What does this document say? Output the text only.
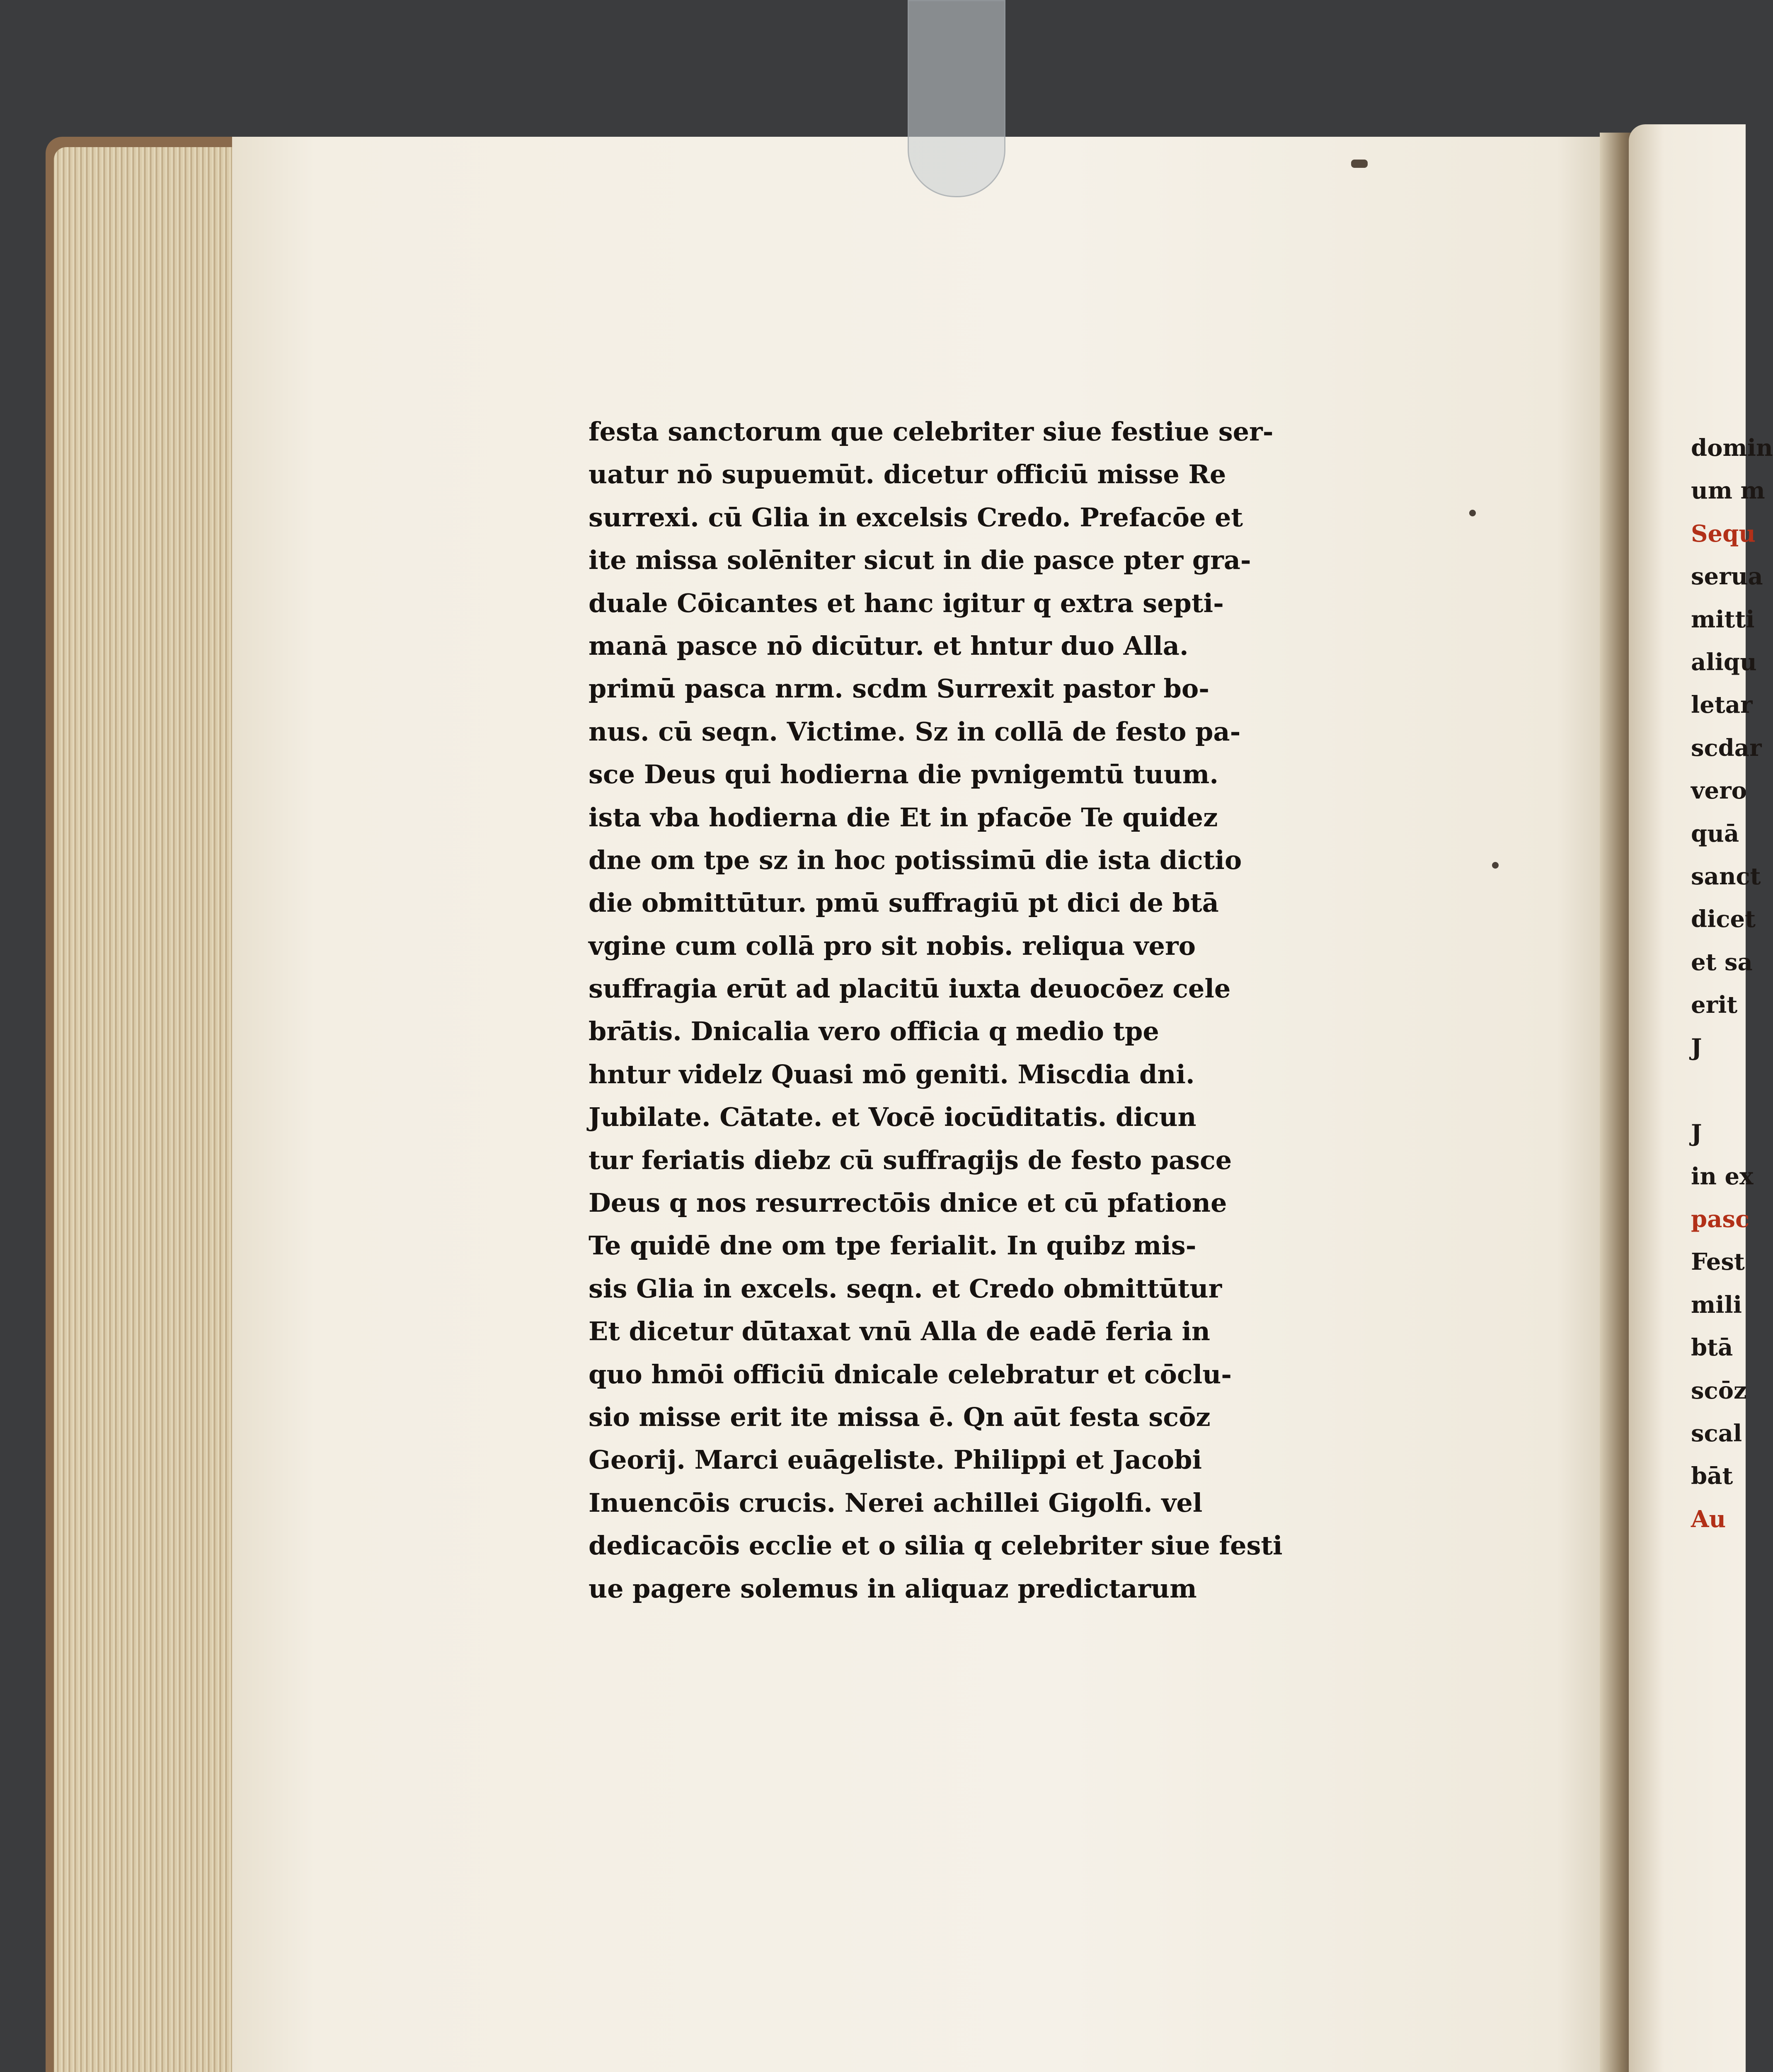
festa sanctorum que celebriter siue festiue ser-
uatur nō supuemūt. dicetur officiū misse Re
surrexi. cū Glia in excelsis Credo. Prefacōe et
ite missa solēniter sicut in die pasce pter gra-
duale Cōicantes et hanc igitur q extra septi-
manā pasce nō dicūtur. et hntur duo Alla.
primū pasca nrm. scdm Surrexit pastor bo-
nus. cū seqn. Victime. Sz in collā de festo pa-
sce Deus qui hodierna die pvnigemtū tuum.
ista vba hodierna die Et in pfacōe Te quidez
dne om tpe sz in hoc potissimū die ista dictio
die obmittūtur. pmū suffragiū pt dici de btā
vgine cum collā pro sit nobis. reliqua vero
suffragia erūt ad placitū iuxta deuocōez cele
brātis. Dnicalia vero officia q medio tpe
hntur videlz Quasi mō geniti. Miscdia dni.
Jubilate. Cātate. et Vocē iocūditatis. dicun
tur feriatis diebz cū suffragijs de festo pasce
Deus q nos resurrectōis dnice et cū pfatione
Te quidē dne om tpe ferialit. In quibz mis-
sis Glia in excels. seqn. et Credo obmittūtur
Et dicetur dūtaxat vnū Alla de eadē feria in
quo hmōi officiū dnicale celebratur et cōclu-
sio misse erit ite missa ē. Qn aūt festa scōz
Georij. Marci euāgeliste. Philippi et Jacobi
Inuencōis crucis. Nerei achillei Gigolfi. vel
dedicacōis ecclie et o silia q celebriter siue festi
ue pagere solemus in aliquaz predictarum
domin
um m
Sequ
serua
mitti
aliqu
letar
scdar
vero
quā
sanct
dicet
et sa
erit
J
J
in ex
pasc
Fest
mili
btā
scōz
scal
bāt
Au
